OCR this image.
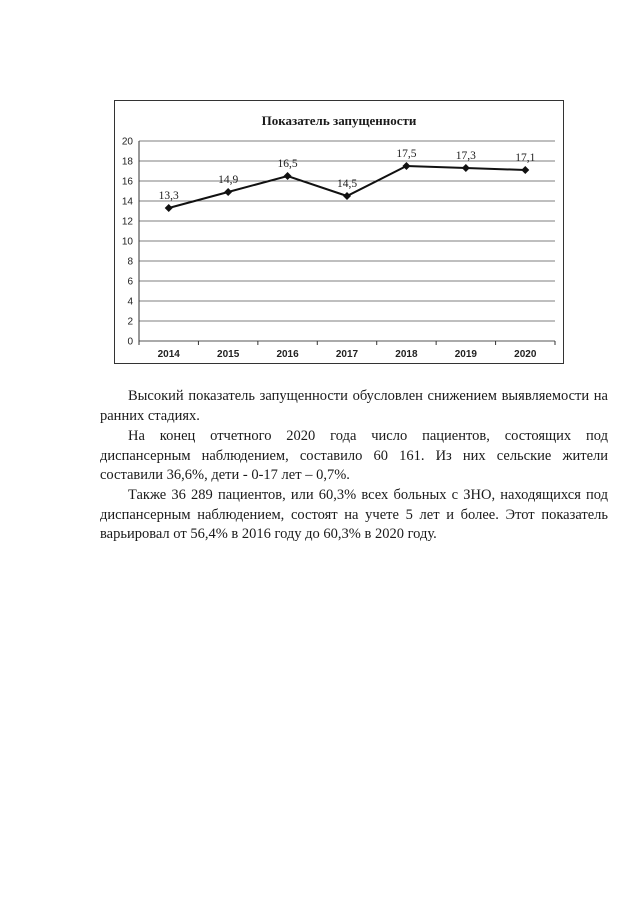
Показатель запущенности
0
2
4
6
8
10
12
14
16
18
20
2014	2015	2016	2017	2018	2019	2020
13,3
14,9
16,5
14,5
17,5	17,3	17,1
Высокий показатель запущенности обусловлен снижением выявляемости на ранних стадиях.
На конец отчетного 2020 года число пациентов, состоящих под диспансерным наблюдением, составило 60 161. Из них сельские жители составили 36,6%, дети - 0-17 лет – 0,7%.
Также 36 289 пациентов, или 60,3% всех больных с ЗНО, находящихся под диспансерным наблюдением, состоят на учете 5 лет и более. Этот показатель варьировал от 56,4% в 2016 году до 60,3% в 2020 году.
